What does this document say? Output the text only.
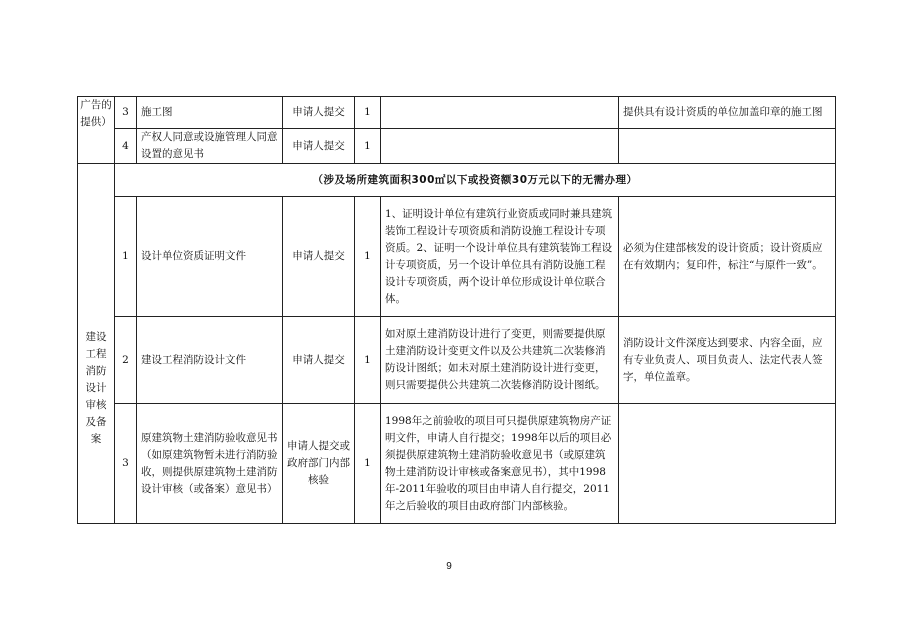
广告的提供）	3	施工图	申请人提交	1		提供具有设计资质的单位加盖印章的施工图
	4	产权人同意或设施管理人同意设置的意见书	申请人提交	1		
建设工程消防设计审核及备案	（涉及场所建筑面积300㎡以下或投资额30万元以下的无需办理）					
	1	设计单位资质证明文件	申请人提交	1	1、证明设计单位有建筑行业资质或同时兼具建筑装饰工程设计专项资质和消防设施工程设计专项资质。2、证明一个设计单位具有建筑装饰工程设计专项资质，另一个设计单位具有消防设施工程设计专项资质，两个设计单位形成设计单位联合体。	必须为住建部核发的设计资质；设计资质应在有效期内；复印件，标注“与原件一致”。
	2	建设工程消防设计文件	申请人提交	1	如对原土建消防设计进行了变更，则需要提供原土建消防设计变更文件以及公共建筑二次装修消防设计图纸；如未对原土建消防设计进行变更，则只需要提供公共建筑二次装修消防设计图纸。	消防设计文件深度达到要求、内容全面，应有专业负责人、项目负责人、法定代表人签字，单位盖章。
	3	原建筑物土建消防验收意见书（如原建筑物暂未进行消防验收，则提供原建筑物土建消防设计审核（或备案）意见书）	申请人提交或政府部门内部核验	1	1998年之前验收的项目可只提供原建筑物房产证明文件，申请人自行提交；1998年以后的项目必须提供原建筑物土建消防验收意见书（或原建筑物土建消防设计审核或备案意见书），其中1998年-2011年验收的项目由申请人自行提交，2011年之后验收的项目由政府部门内部核验。	
9
